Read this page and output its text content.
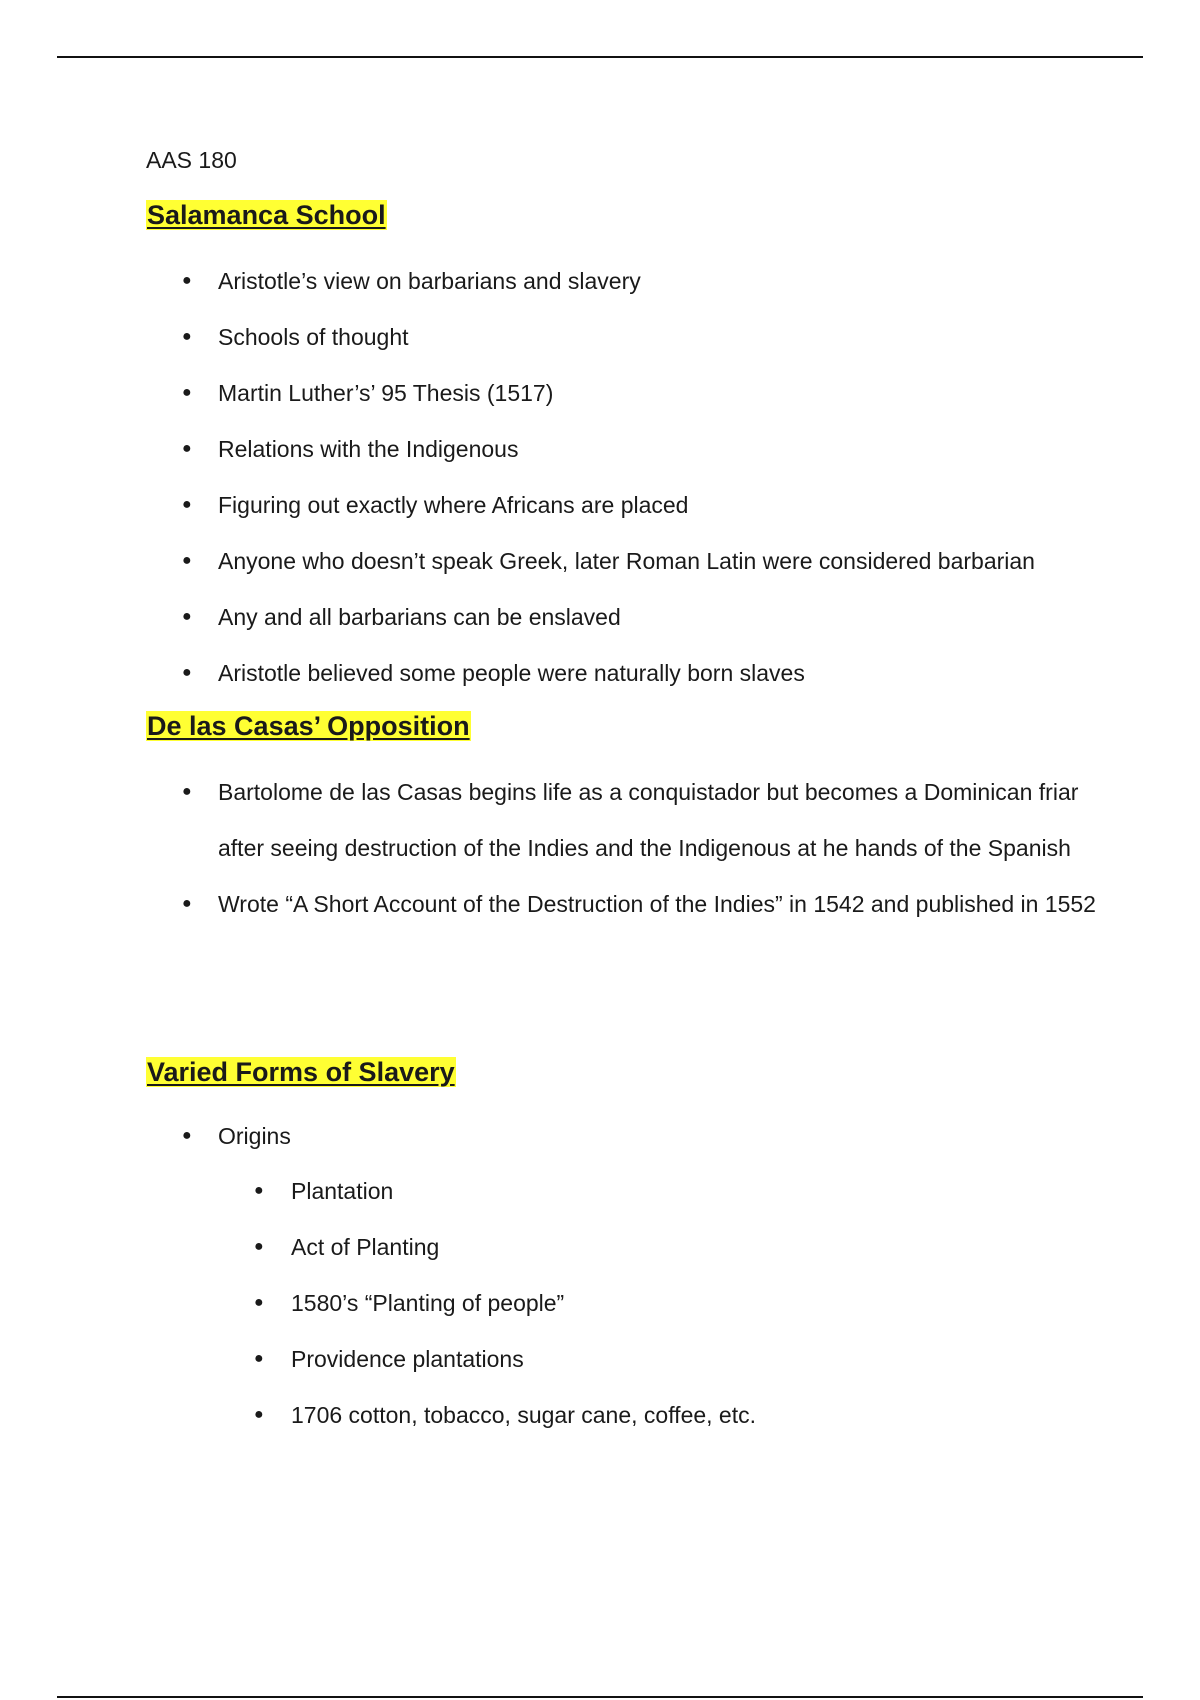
AAS 180
Salamanca School
● Aristotle’s view on barbarians and slavery
● Schools of thought
● Martin Luther’s’ 95 Thesis (1517)
● Relations with the Indigenous
● Figuring out exactly where Africans are placed
● Anyone who doesn’t speak Greek, later Roman Latin were considered barbarian
● Any and all barbarians can be enslaved
● Aristotle believed some people were naturally born slaves
De las Casas’ Opposition
● Bartolome de las Casas begins life as a conquistador but becomes a Dominican friar after seeing destruction of the Indies and the Indigenous at he hands of the Spanish
● Wrote “A Short Account of the Destruction of the Indies” in 1542 and published in 1552
Varied Forms of Slavery
● Origins
● Plantation
● Act of Planting
● 1580’s “Planting of people”
● Providence plantations
● 1706 cotton, tobacco, sugar cane, coffee, etc.
